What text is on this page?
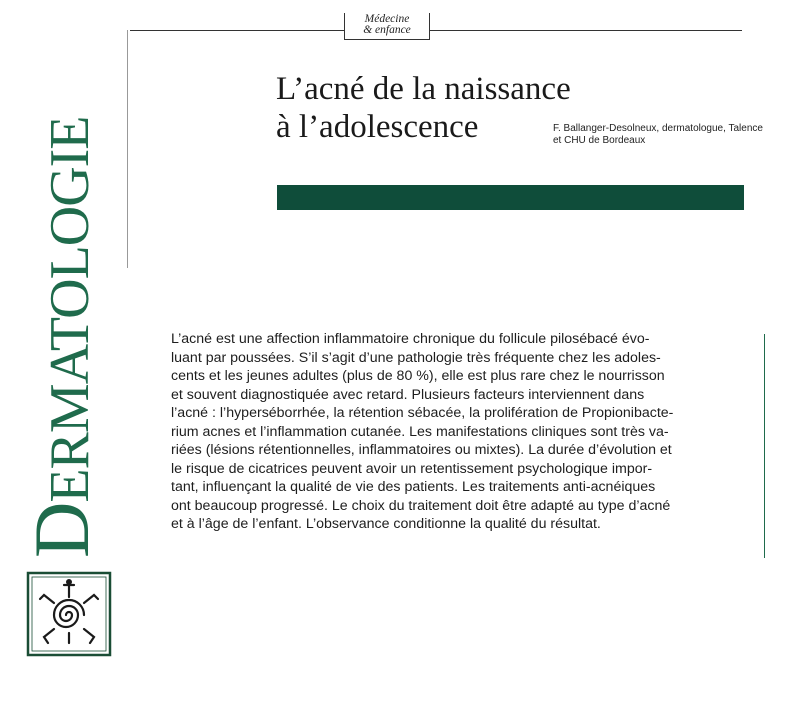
Médecine
& enfance
DERMATOLOGIE
L’acné de la naissance
à l’adolescence	F. Ballanger-Desolneux, dermatologue, Talence
et CHU de Bordeaux
L’acné est une affection inflammatoire chronique du follicule pilosébacé évo-
luant par poussées. S’il s’agit d’une pathologie très fréquente chez les adoles-
cents et les jeunes adultes (plus de 80 %), elle est plus rare chez le nourrisson
et souvent diagnostiquée avec retard. Plusieurs facteurs interviennent dans
l’acné : l’hyperséborrhée, la rétention sébacée, la prolifération de Propionibacte-
rium acnes et l’inflammation cutanée. Les manifestations cliniques sont très va-
riées (lésions rétentionnelles, inflammatoires ou mixtes). La durée d’évolution et
le risque de cicatrices peuvent avoir un retentissement psychologique impor-
tant, influençant la qualité de vie des patients. Les traitements anti-acnéiques
ont beaucoup progressé. Le choix du traitement doit être adapté au type d’acné
et à l’âge de l’enfant. L’observance conditionne la qualité du résultat.
